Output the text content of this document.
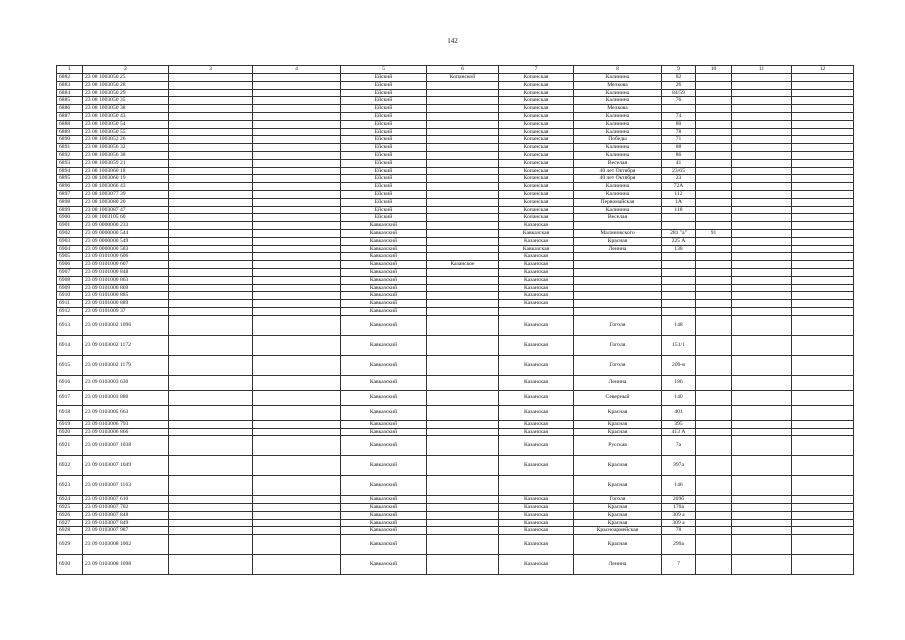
142
1	2	3	4	5	6	7	8	9	10	11	12
6882	23 08 1003050 25			Ейский	Копанской	Копанская	Калинина	82			
6883	23 08 1003050 28			Ейский		Копанская	Мелкова	26			
6884	23 08 1003050 29			Ейский		Копанская	Калинина	84/59			
6885	23 08 1003050 35			Ейский		Копанская	Калинина	76			
6886	23 08 1003050 38			Ейский		Копанская	Мелкова				
6887	23 08 1003050 43			Ейский		Копанская	Калинина	74			
6888	23 08 1003050 54			Ейский		Копанская	Калинина	80			
6889	23 08 1003050 55			Ейский		Копанская	Калинина	78			
6890	23 08 1003052 26			Ейский		Копанская	Победы	71			
6891	23 08 1003056 32			Ейский		Копанская	Калинина	88			
6892	23 08 1003056 38			Ейский		Копанская	Калинина	86			
6893	23 08 1003059 21			Ейский		Копанская	Веселая	41			
6894	23 08 1003060 18			Ейский		Копанская	40 лет Октября	23/65			
6895	23 08 1003060 19			Ейский		Копанская	40 лет Октября	23			
6896	23 08 1003066 43			Ейский		Копанская	Калинина	72А			
6897	23 08 1003077 39			Ейский		Копанская	Калинина	112			
6898	23 08 1003080 20			Ейский		Копанская	Первомайская	1А			
6899	23 08 1003087 47			Ейский		Копанская	Калинина	118			
6900	23 08 1003105 60			Ейский		Копанская	Веселая				
6901	23 09 0000000 233			Кавказский		Казанская					
6902	23 09 0000000 544			Кавказский		Кавказская	Малиновского	281 "а"	91		
6903	23 09 0000000 549			Кавказский		Казанская	Красная	225 А			
6904	23 09 0000000 583			Кавказский		Кавказская	Ленина	138			
6905	23 09 0101000 606			Кавказский		Казанская					
6906	23 09 0101000 607			Кавказский	Казанское	Казанская					
6907	23 09 0101000 848			Кавказский		Казанская					
6908	23 09 0101000 863			Кавказский		Казанская					
6909	23 09 0101000 869			Кавказский		Казанская					
6910	23 09 0101000 885			Кавказский		Казанская					
6911	23 09 0101000 889			Кавказский		Казанская					
6912	23 09 0101009 37			Кавказский							
6913	23 09 0103002 1096			Кавказский		Казанская	Гоголя	148			
6914	23 09 0103002 1172			Кавказский		Казанская	Гоголя	151/1			
6915	23 09 0103002 1179			Кавказский		Казанская	Гоголя	209-в			
6916	23 09 0103003 630			Кавказский		Казанская	Ленина	186			
6917	23 09 0103003 880			Кавказский		Казанская	Северный	140			
6918	23 09 0103005 663			Кавказский		Казанская	Красная	401			
6919	23 09 0103006 793			Кавказский		Казанская	Красная	395			
6920	23 09 0103006 866			Кавказский		Казанская	Красная	413 А			
6921	23 09 0103007 1038			Кавказский		Казанская	Русская	7а			
6922	23 09 0103007 1049			Кавказский		Казанская	Красная	397а			
6923	23 09 0103007 1163			Кавказский			Красная	146			
6924	23 09 0103007 610			Кавказский		Казанская	Гоголя	209б			
6925	23 09 0103007 702			Кавказский		Казанская	Красная	170а			
6926	23 09 0103007 848			Кавказский		Казанская	Красная	309 а			
6927	23 09 0103007 849			Кавказский		Казанская	Красная	309 а			
6928	23 09 0103007 987			Кавказский		Казанская	Красноармейская	78			
6929	23 09 0103008 1002			Кавказский		Казанская	Красная	299а			
6930	23 09 0103008 1098			Кавказский		Казанская	Ленина	7			
